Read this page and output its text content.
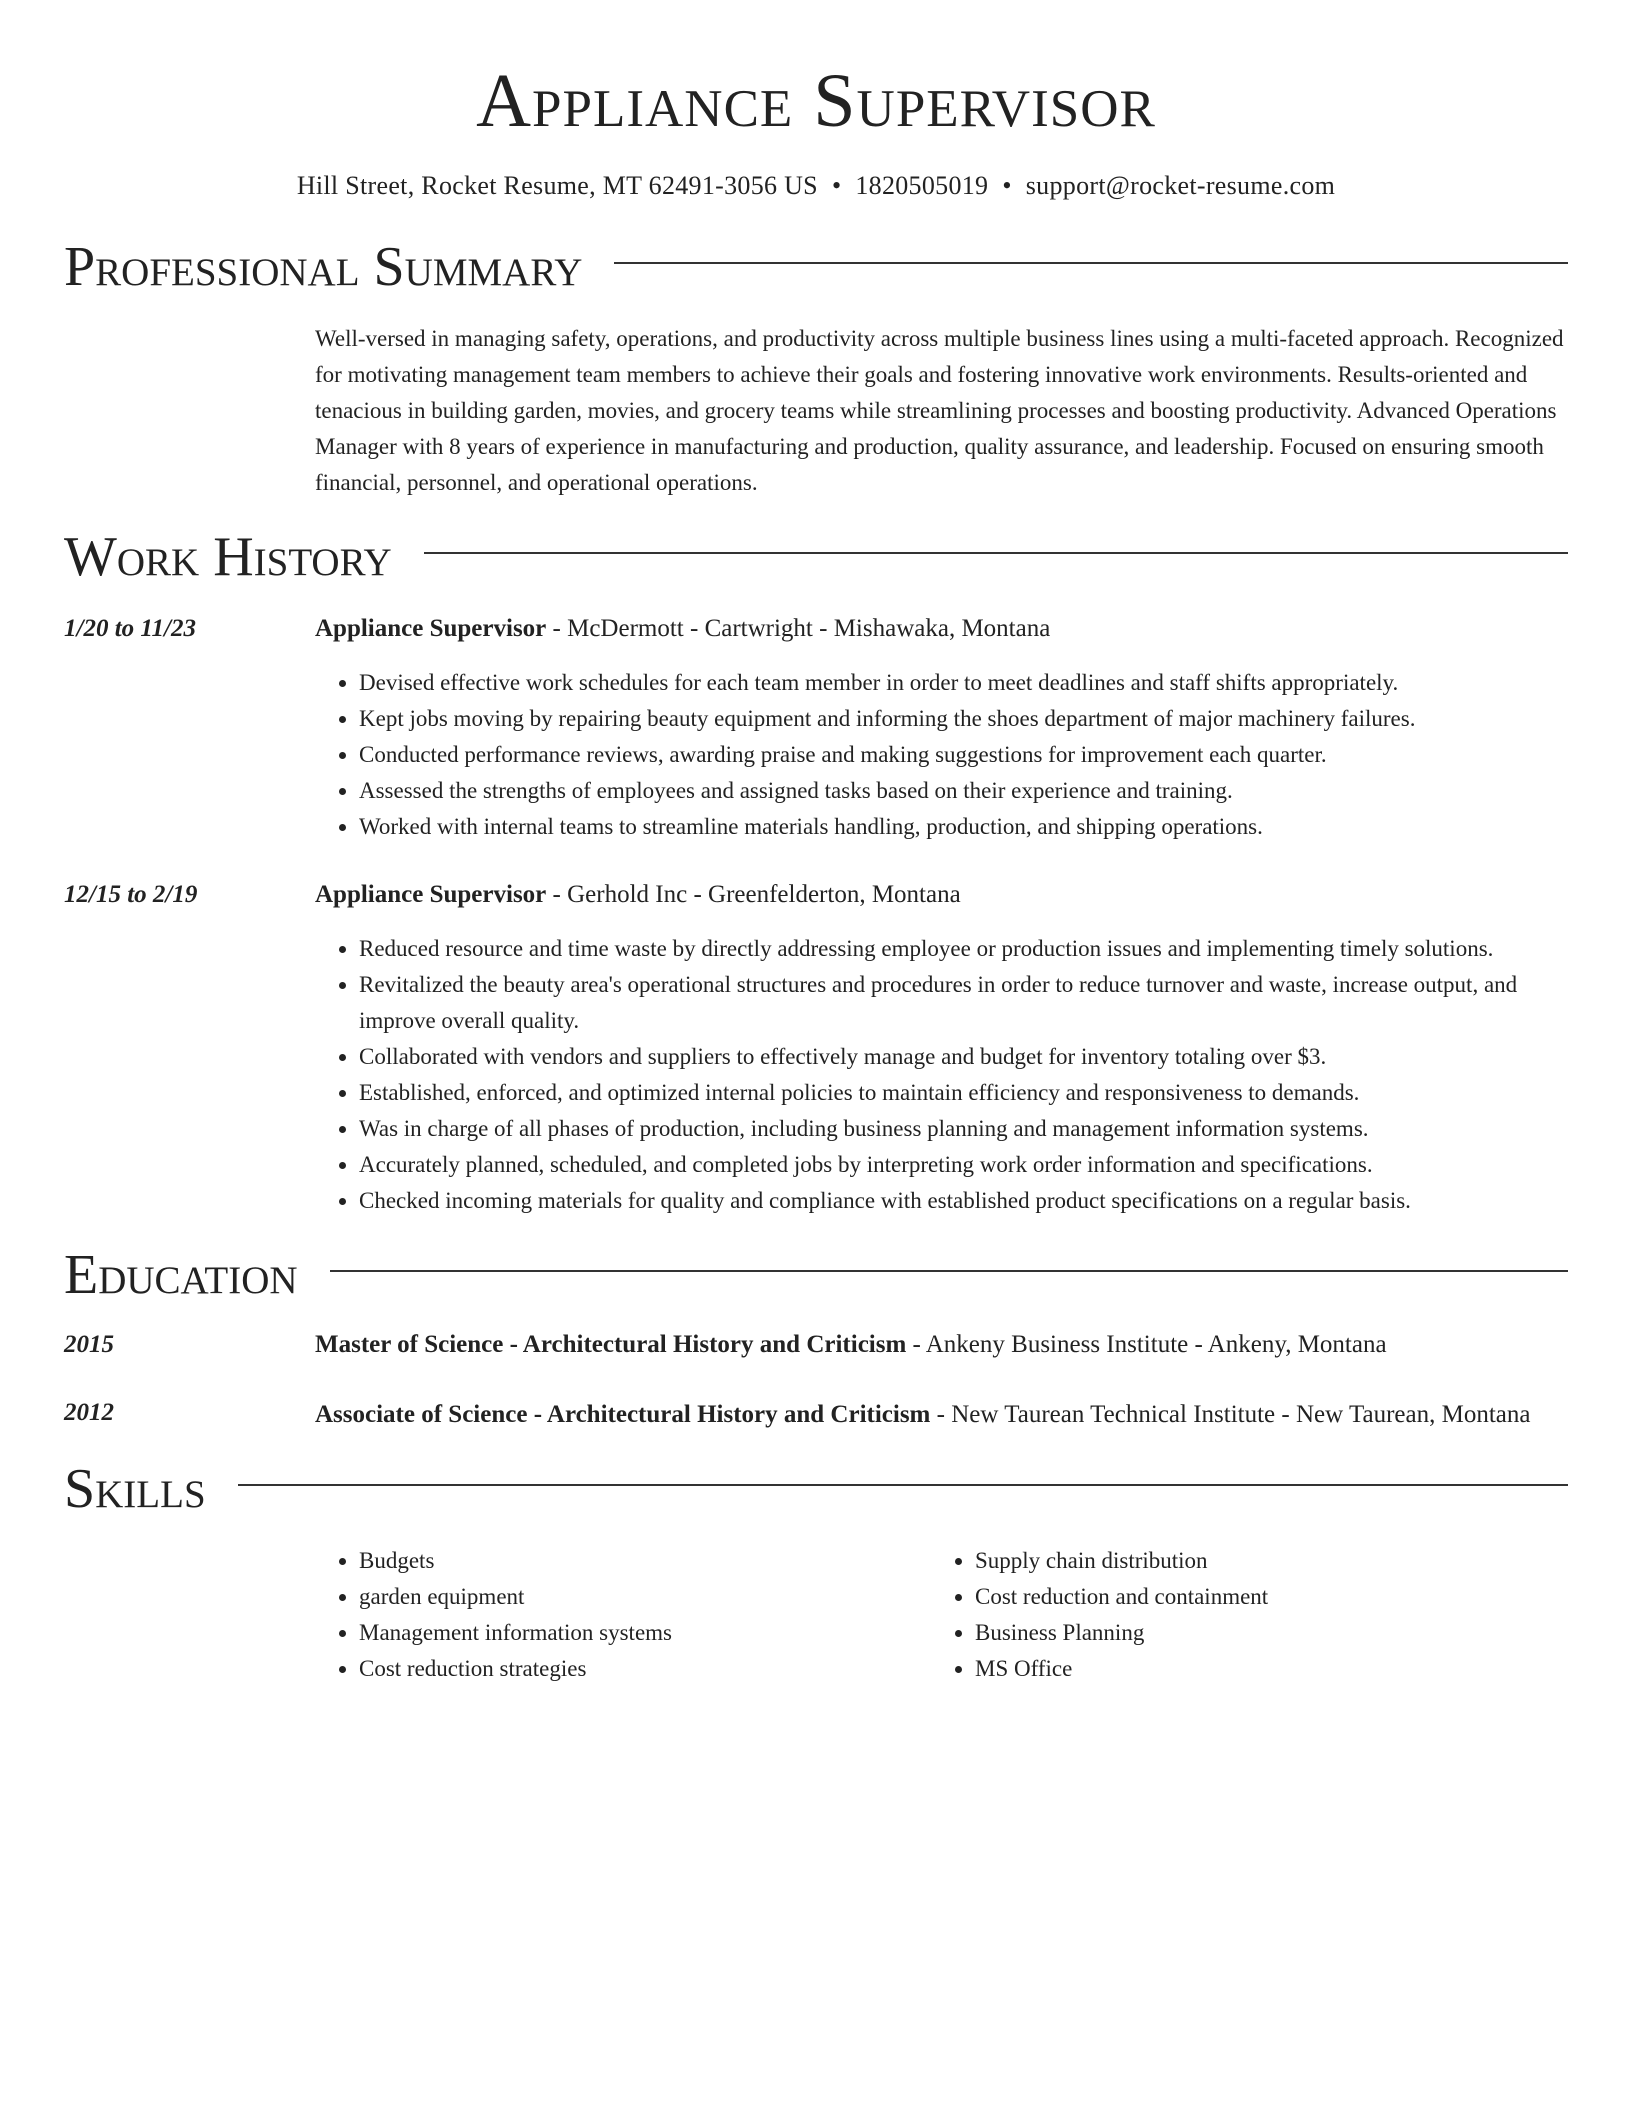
Appliance Supervisor
Hill Street, Rocket Resume, MT 62491-3056 US • 1820505019 • support@rocket-resume.com
Professional Summary
Well-versed in managing safety, operations, and productivity across multiple business lines using a multi-faceted approach. Recognized for motivating management team members to achieve their goals and fostering innovative work environments. Results-oriented and tenacious in building garden, movies, and grocery teams while streamlining processes and boosting productivity. Advanced Operations Manager with 8 years of experience in manufacturing and production, quality assurance, and leadership. Focused on ensuring smooth financial, personnel, and operational operations.
Work History
1/20 to 11/23	Appliance Supervisor - McDermott - Cartwright - Mishawaka, Montana
• Devised effective work schedules for each team member in order to meet deadlines and staff shifts appropriately.
• Kept jobs moving by repairing beauty equipment and informing the shoes department of major machinery failures.
• Conducted performance reviews, awarding praise and making suggestions for improvement each quarter.
• Assessed the strengths of employees and assigned tasks based on their experience and training.
• Worked with internal teams to streamline materials handling, production, and shipping operations.
12/15 to 2/19	Appliance Supervisor - Gerhold Inc - Greenfelderton, Montana
• Reduced resource and time waste by directly addressing employee or production issues and implementing timely solutions.
• Revitalized the beauty area's operational structures and procedures in order to reduce turnover and waste, increase output, and improve overall quality.
• Collaborated with vendors and suppliers to effectively manage and budget for inventory totaling over $3.
• Established, enforced, and optimized internal policies to maintain efficiency and responsiveness to demands.
• Was in charge of all phases of production, including business planning and management information systems.
• Accurately planned, scheduled, and completed jobs by interpreting work order information and specifications.
• Checked incoming materials for quality and compliance with established product specifications on a regular basis.
Education
2015	Master of Science - Architectural History and Criticism - Ankeny Business Institute - Ankeny, Montana
2012	Associate of Science - Architectural History and Criticism - New Taurean Technical Institute - New Taurean, Montana
Skills
• Budgets
• garden equipment
• Management information systems
• Cost reduction strategies
• Supply chain distribution
• Cost reduction and containment
• Business Planning
• MS Office
